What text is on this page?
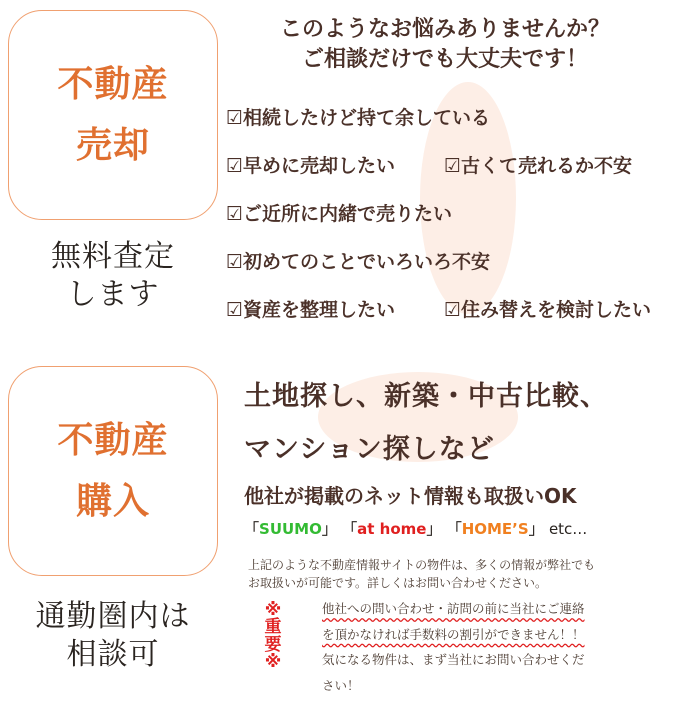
不動産
売却
無料査定
します
このようなお悩みありませんか？
ご相談だけでも大丈夫です！
☑相続したけど持て余している
☑早めに売却したい	☑古くて売れるか不安
☑ご近所に内緒で売りたい
☑初めてのことでいろいろ不安
☑資産を整理したい	☑住み替えを検討したい
不動産
購入
通勤圏内は
相談可
土地探し、新築・中古比較、
マンション探しなど
他社が掲載のネット情報も取扱いOK
「SUUMO」 「at home」 「HOME’S」 etc…
上記のような不動産情報サイトの物件は、多くの情報が弊社でも
お取扱いが可能です。詳しくはお問い合わせください。
※
重
要
※
他社への問い合わせ・訪問の前に当社にご連絡
を頂かなければ手数料の割引ができません！！
気になる物件は、まず当社にお問い合わせくだ
さい！
